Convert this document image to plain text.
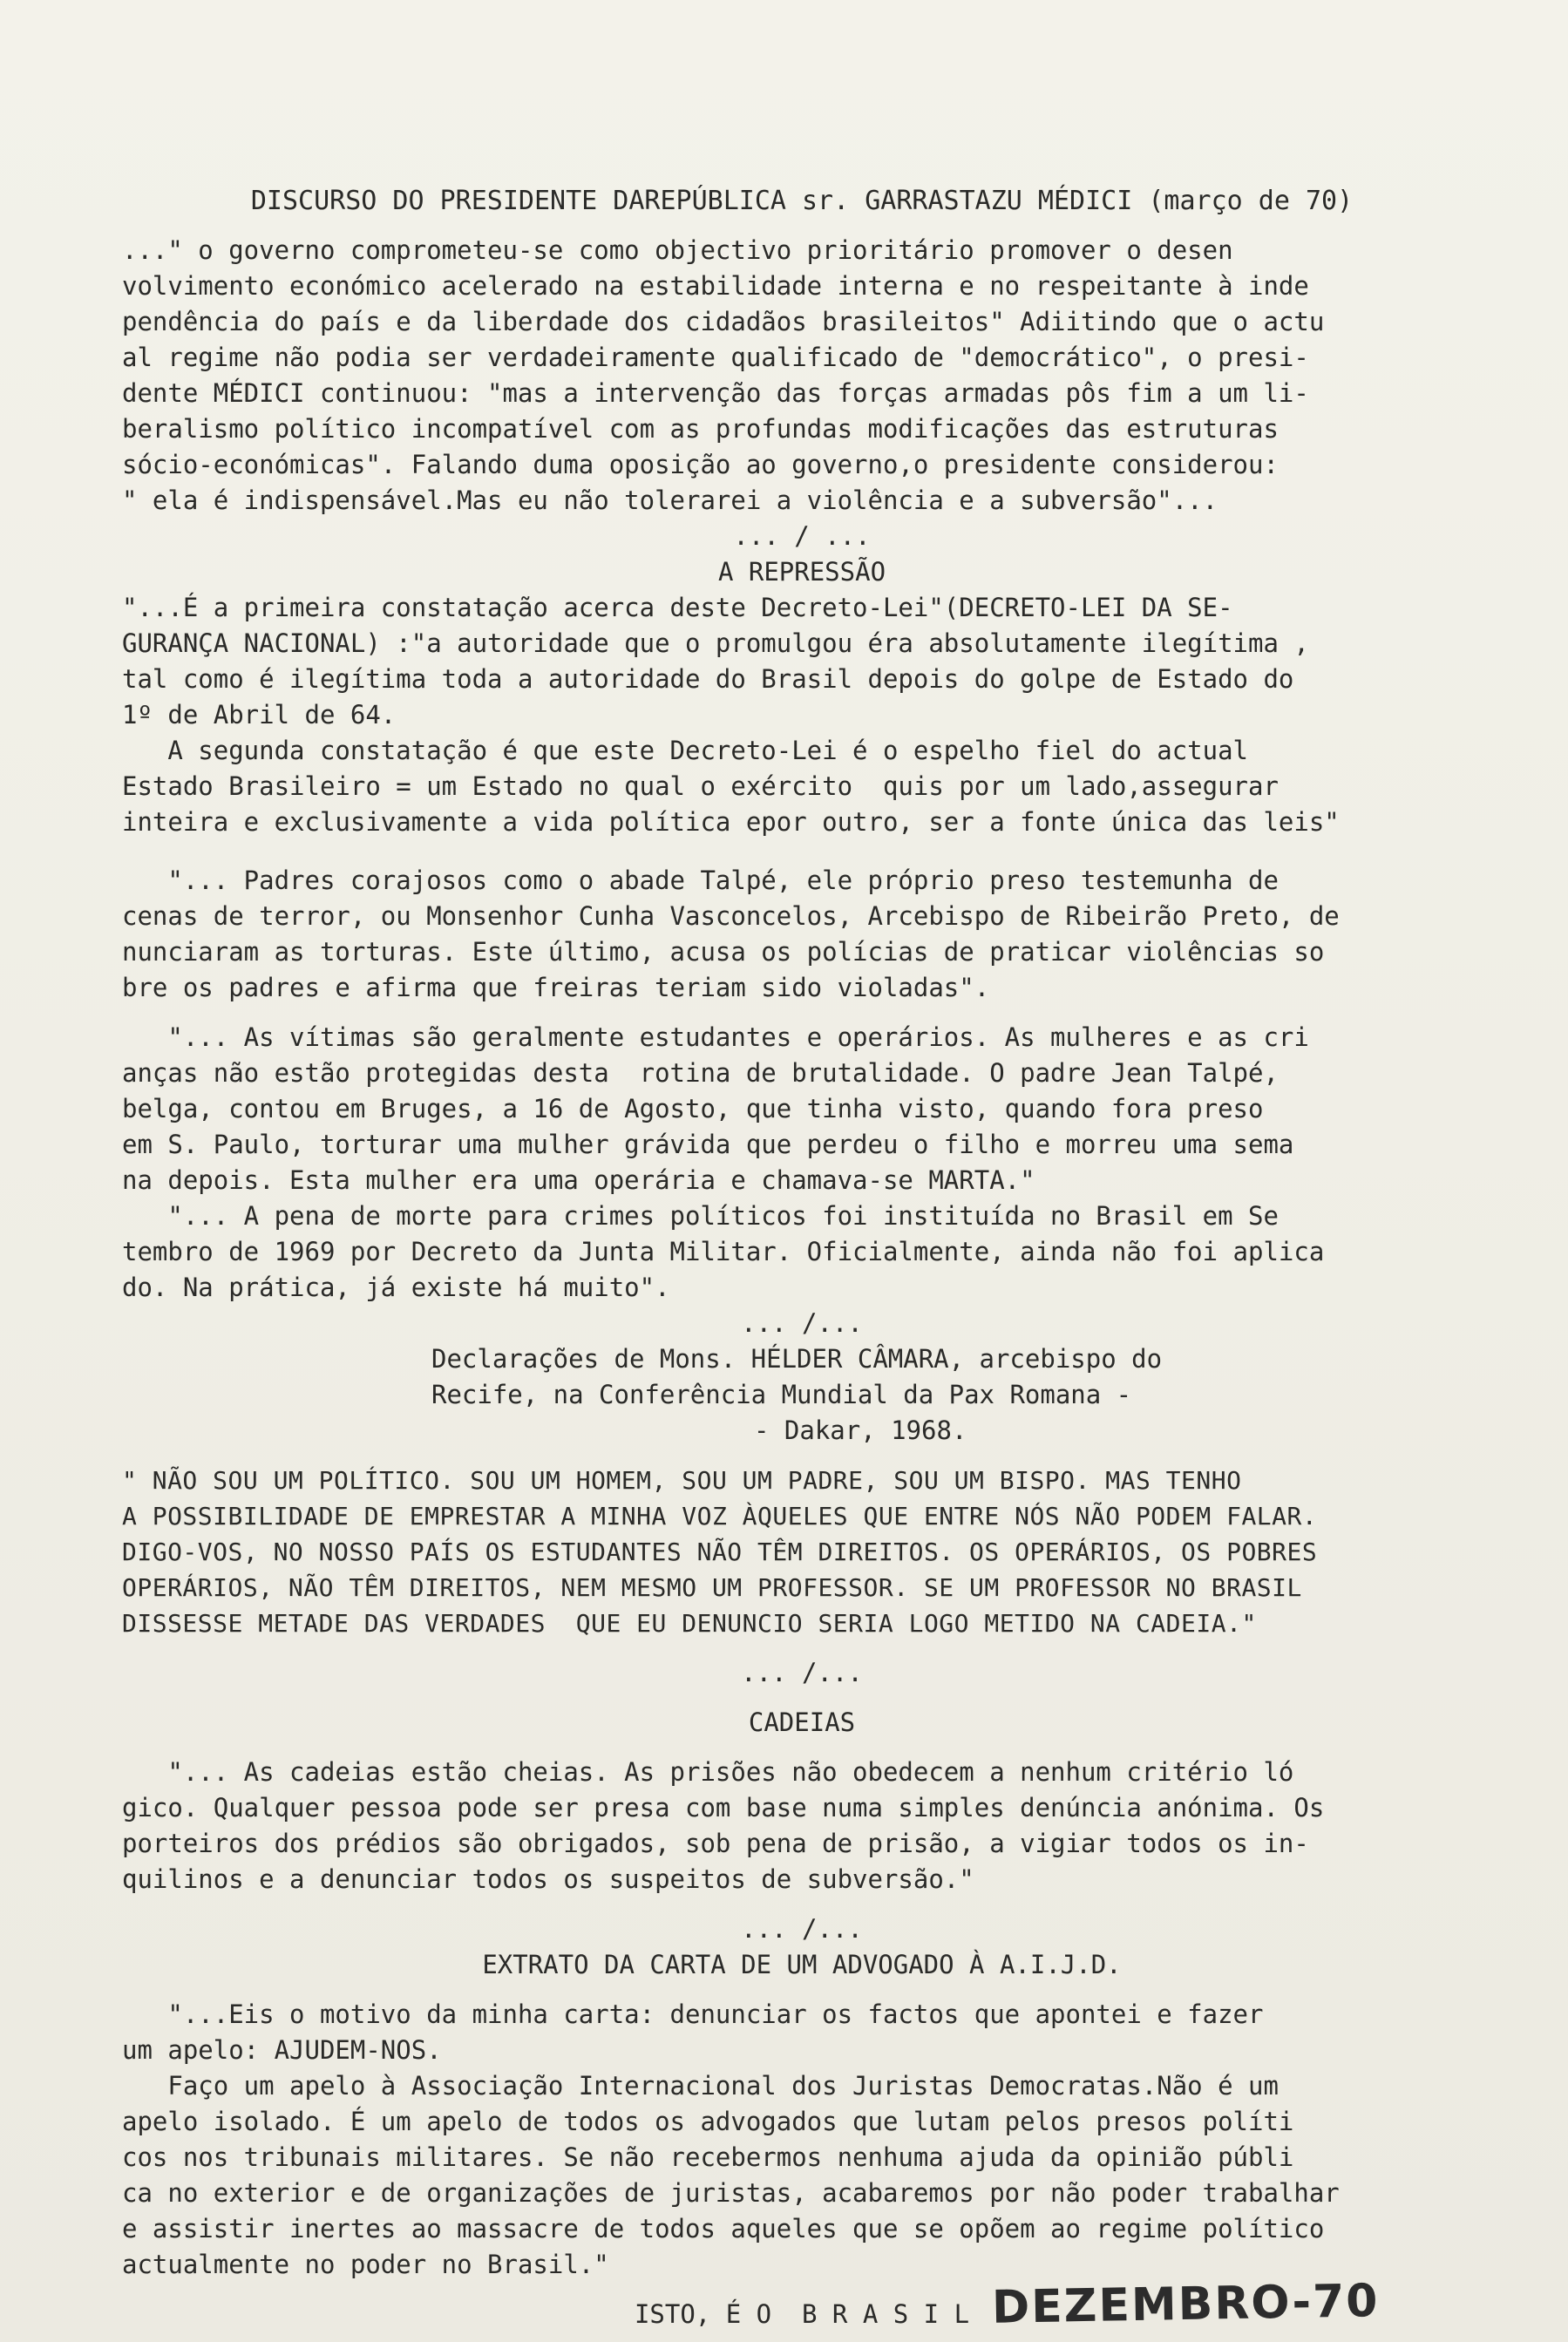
DISCURSO DO PRESIDENTE DAREPÚBLICA sr. GARRASTAZU MÉDICI (março de 70)
..." o governo comprometeu-se como objectivo prioritário promover o desen
volvimento económico acelerado na estabilidade interna e no respeitante à inde
pendência do país e da liberdade dos cidadãos brasileitos" Adiitindo que o actu
al regime não podia ser verdadeiramente qualificado de "democrático", o presi-
dente MÉDICI continuou: "mas a intervenção das forças armadas pôs fim a um li-
beralismo político incompatível com as profundas modificações das estruturas
sócio-económicas". Falando duma oposição ao governo,o presidente considerou:
" ela é indispensável.Mas eu não tolerarei a violência e a subversão"...
... / ...
A REPRESSÃO
"...É a primeira constatação acerca deste Decreto-Lei"(DECRETO-LEI DA SE-
GURANÇA NACIONAL) :"a autoridade que o promulgou éra absolutamente ilegítima ,
tal como é ilegítima toda a autoridade do Brasil depois do golpe de Estado do
1º de Abril de 64.
A segunda constatação é que este Decreto-Lei é o espelho fiel do actual
Estado Brasileiro = um Estado no qual o exército  quis por um lado,assegurar
inteira e exclusivamente a vida política epor outro, ser a fonte única das leis"
"... Padres corajosos como o abade Talpé, ele próprio preso testemunha de
cenas de terror, ou Monsenhor Cunha Vasconcelos, Arcebispo de Ribeirão Preto, de
nunciaram as torturas. Este último, acusa os polícias de praticar violências so
bre os padres e afirma que freiras teriam sido violadas".
"... As vítimas são geralmente estudantes e operários. As mulheres e as cri
anças não estão protegidas desta  rotina de brutalidade. O padre Jean Talpé,
belga, contou em Bruges, a 16 de Agosto, que tinha visto, quando fora preso
em S. Paulo, torturar uma mulher grávida que perdeu o filho e morreu uma sema
na depois. Esta mulher era uma operária e chamava-se MARTA."
"... A pena de morte para crimes políticos foi instituída no Brasil em Se
tembro de 1969 por Decreto da Junta Militar. Oficialmente, ainda não foi aplica
do. Na prática, já existe há muito".
... /...
Declarações de Mons. HÉLDER CÂMARA, arcebispo do
Recife, na Conferência Mundial da Pax Romana -
- Dakar, 1968.
" NÃO SOU UM POLÍTICO. SOU UM HOMEM, SOU UM PADRE, SOU UM BISPO. MAS TENHO
A POSSIBILIDADE DE EMPRESTAR A MINHA VOZ ÀQUELES QUE ENTRE NÓS NÃO PODEM FALAR.
DIGO-VOS, NO NOSSO PAÍS OS ESTUDANTES NÃO TÊM DIREITOS. OS OPERÁRIOS, OS POBRES
OPERÁRIOS, NÃO TÊM DIREITOS, NEM MESMO UM PROFESSOR. SE UM PROFESSOR NO BRASIL
DISSESSE METADE DAS VERDADES  QUE EU DENUNCIO SERIA LOGO METIDO NA CADEIA."
... /...
CADEIAS
"... As cadeias estão cheias. As prisões não obedecem a nenhum critério ló
gico. Qualquer pessoa pode ser presa com base numa simples denúncia anónima. Os
porteiros dos prédios são obrigados, sob pena de prisão, a vigiar todos os in-
quilinos e a denunciar todos os suspeitos de subversão."
... /...
EXTRATO DA CARTA DE UM ADVOGADO À A.I.J.D.
"...Eis o motivo da minha carta: denunciar os factos que apontei e fazer
um apelo: AJUDEM-NOS.
Faço um apelo à Associação Internacional dos Juristas Democratas.Não é um
apelo isolado. É um apelo de todos os advogados que lutam pelos presos políti
cos nos tribunais militares. Se não recebermos nenhuma ajuda da opinião públi
ca no exterior e de organizações de juristas, acabaremos por não poder trabalhar
e assistir inertes ao massacre de todos aqueles que se opõem ao regime político
actualmente no poder no Brasil."
ISTO, É O  B R A S I L DEZEMBRO-70
